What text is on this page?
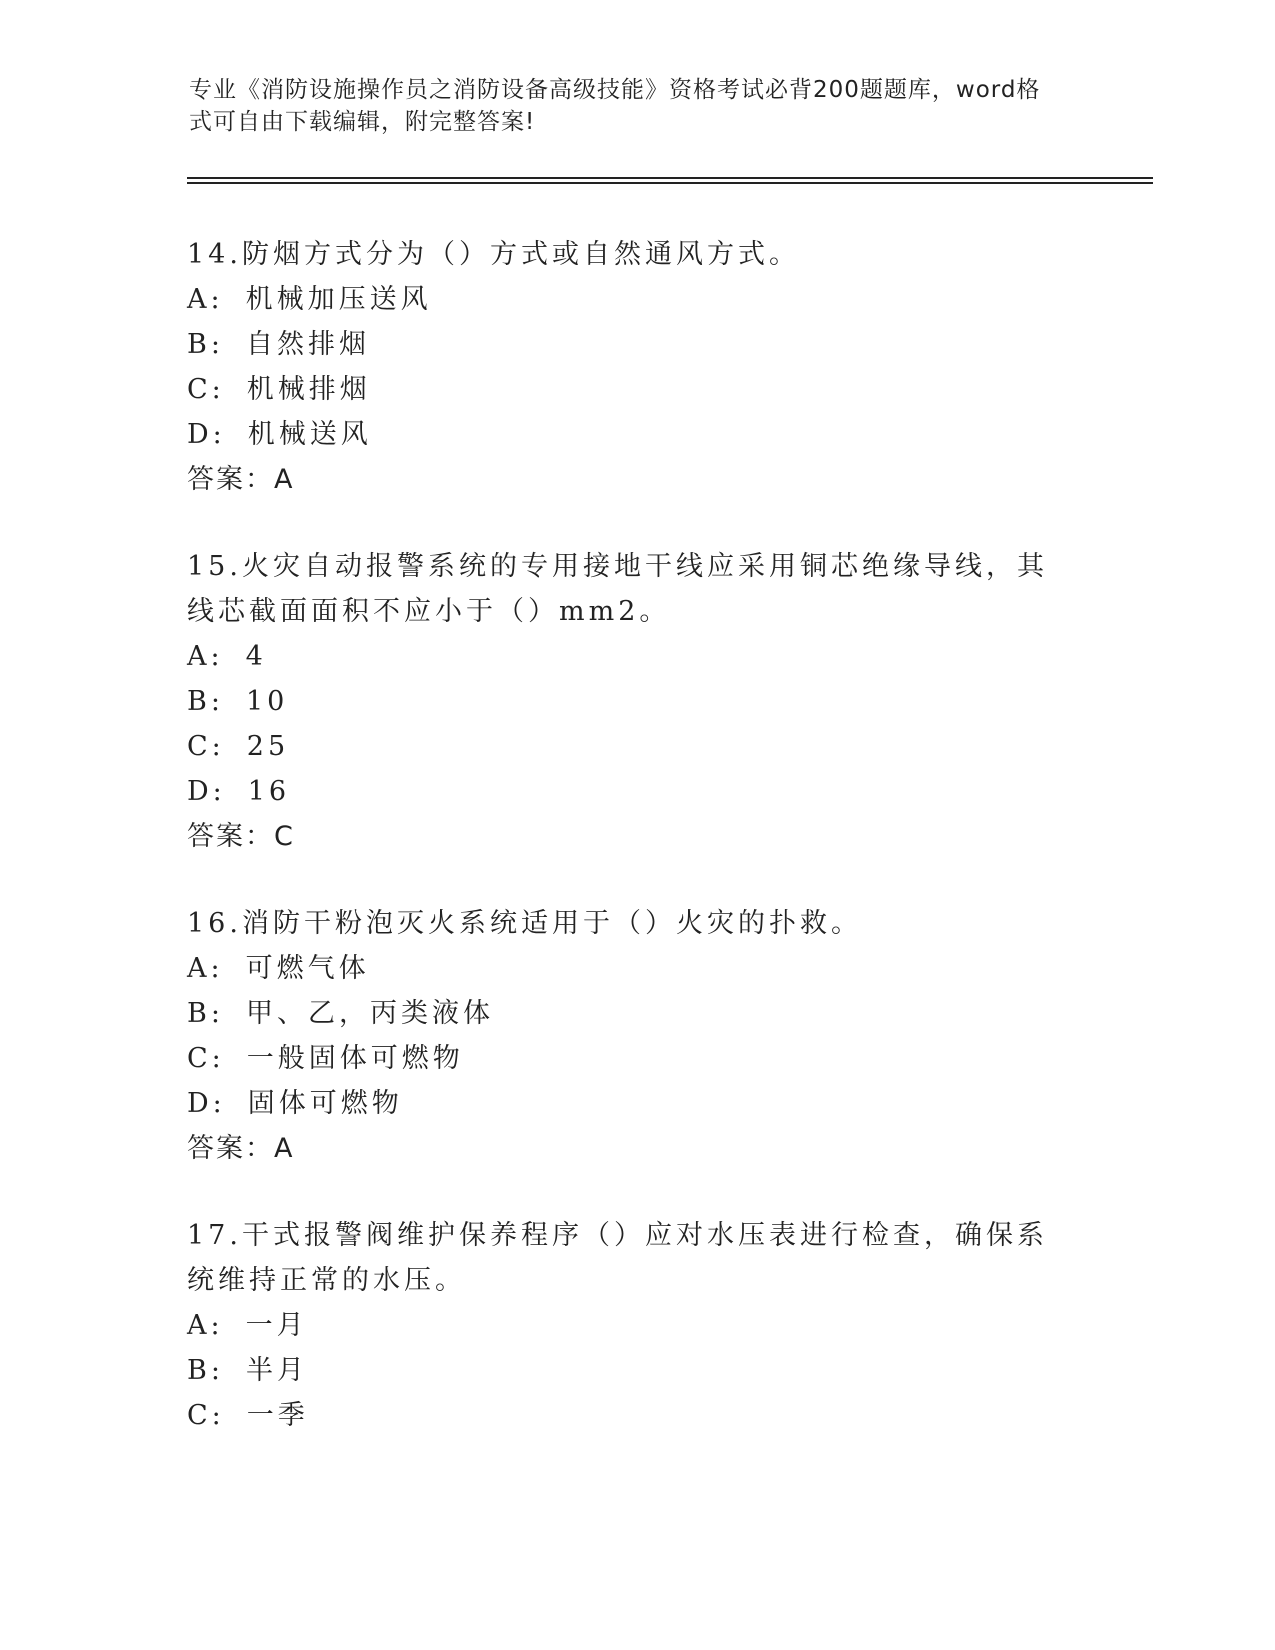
专业《消防设施操作员之消防设备高级技能》资格考试必背200题题库，word格
式可自由下载编辑，附完整答案!

14.防烟方式分为（）方式或自然通风方式。

A: 机械加压送风

B: 自然排烟

C: 机械排烟

D: 机械送风

答案：A

15.火灾自动报警系统的专用接地干线应采用铜芯绝缘导线，其线芯截面面积不应小于（）mm2。

A: 4

B: 10

C: 25

D: 16

答案：C

16.消防干粉泡灭火系统适用于（）火灾的扑救。

A: 可燃气体

B: 甲、乙，丙类液体

C: 一般固体可燃物

D: 固体可燃物

答案：A

17.干式报警阀维护保养程序（）应对水压表进行检查，确保系统维持正常的水压。

A: 一月

B: 半月

C: 一季
